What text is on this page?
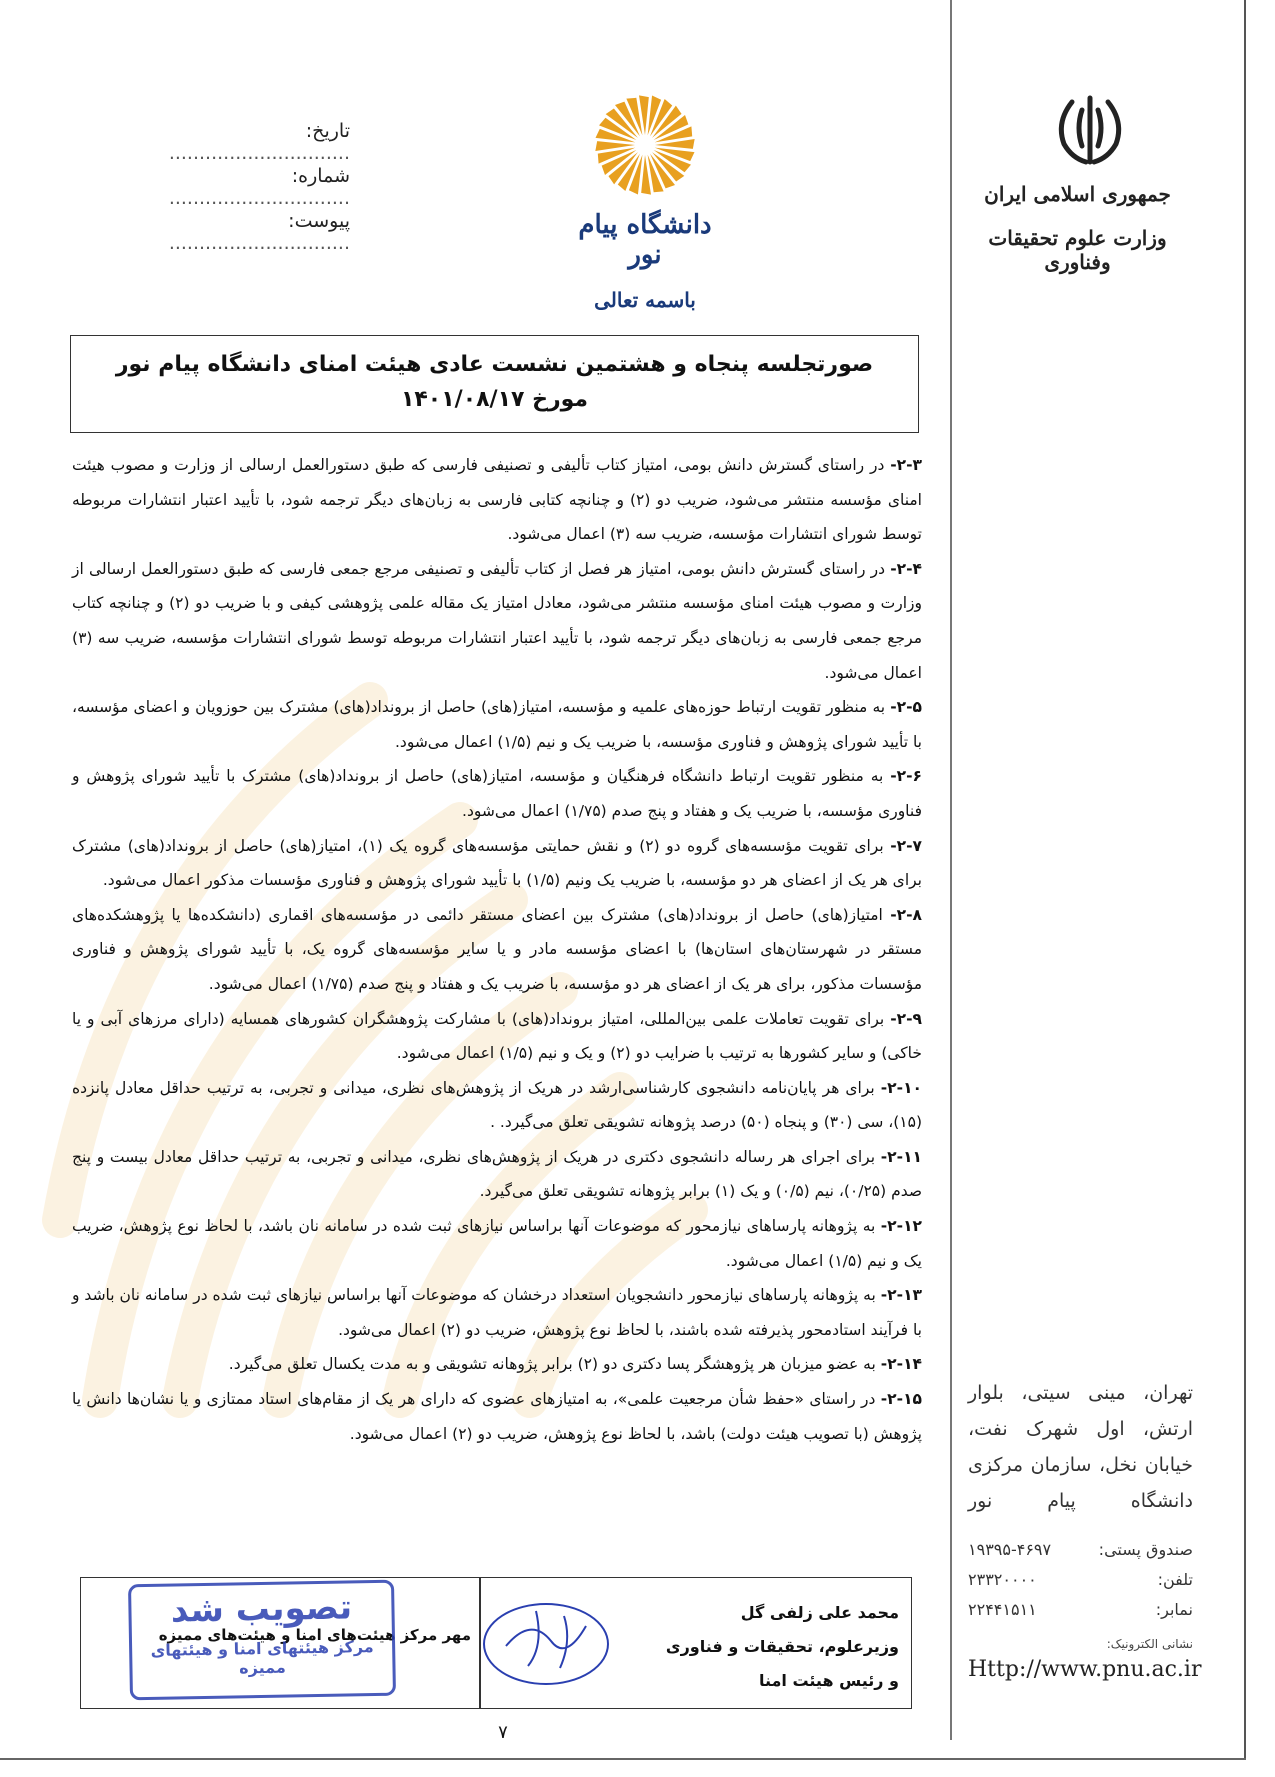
دانشگاه پیام نور
باسمه تعالی
تاریخ: ..............................
شماره: ..............................
پیوست: ..............................
جمهوری اسلامی ایران
وزارت علوم تحقیقات وفناوری
صورتجلسه پنجاه و هشتمین نشست عادی هیئت امنای دانشگاه پیام نور
مورخ ۱۴۰۱/۰۸/۱۷

۲-۳- در راستای گسترش دانش بومی، امتیاز کتاب تألیفی و تصنیفی فارسی که طبق دستورالعمل ارسالی از وزارت و مصوب هیئت امنای مؤسسه منتشر می‌شود، ضریب دو (۲) و چنانچه کتابی فارسی به زبان‌های دیگر ترجمه شود، با تأیید اعتبار انتشارات مربوطه توسط شورای انتشارات مؤسسه، ضریب سه (۳) اعمال می‌شود.

۲-۴- در راستای گسترش دانش بومی، امتیاز هر فصل از کتاب تألیفی و تصنیفی مرجع جمعی فارسی که طبق دستورالعمل ارسالی از وزارت و مصوب هیئت امنای مؤسسه منتشر می‌شود، معادل امتیاز یک مقاله علمی پژوهشی کیفی و با ضریب دو (۲) و چنانچه کتاب مرجع جمعی فارسی به زبان‌های دیگر ترجمه شود، با تأیید اعتبار انتشارات مربوطه توسط شورای انتشارات مؤسسه، ضریب سه (۳) اعمال می‌شود.

۲-۵- به منظور تقویت ارتباط حوزه‌های علمیه و مؤسسه، امتیاز(های) حاصل از برونداد(های) مشترک بین حوزویان و اعضای مؤسسه، با تأیید شورای پژوهش و فناوری مؤسسه، با ضریب یک و نیم (۱/۵) اعمال می‌شود.

۲-۶- به منظور تقویت ارتباط دانشگاه فرهنگیان و مؤسسه، امتیاز(های) حاصل از برونداد(های) مشترک با تأیید شورای پژوهش و فناوری مؤسسه، با ضریب یک و هفتاد و پنج صدم (۱/۷۵) اعمال می‌شود.

۲-۷- برای تقویت مؤسسه‌های گروه دو (۲) و نقش حمایتی مؤسسه‌های گروه یک (۱)، امتیاز(های) حاصل از برونداد(های) مشترک برای هر یک از اعضای هر دو مؤسسه، با ضریب یک ونیم (۱/۵) با تأیید شورای پژوهش و فناوری مؤسسات مذکور اعمال می‌شود.

۲-۸- امتیاز(های) حاصل از برونداد(های) مشترک بین اعضای مستقر دائمی در مؤسسه‌های اقماری (دانشکده‌ها یا پژوهشکده‌های مستقر در شهرستان‌های استان‌ها) با اعضای مؤسسه مادر و یا سایر مؤسسه‌های گروه یک، با تأیید شورای پژوهش و فناوری مؤسسات مذکور، برای هر یک از اعضای هر دو مؤسسه، با ضریب یک و هفتاد و پنج صدم (۱/۷۵) اعمال می‌شود.

۲-۹- برای تقویت تعاملات علمی بین‌المللی، امتیاز برونداد(های) با مشارکت پژوهشگران کشورهای همسایه (دارای مرزهای آبی و یا خاکی) و سایر کشورها به ترتیب با ضرایب دو (۲) و یک و نیم (۱/۵) اعمال می‌شود.

۲-۱۰- برای هر پایان‌نامه دانشجوی کارشناسی‌ارشد در هریک از پژوهش‌های نظری، میدانی و تجربی، به ترتیب حداقل معادل پانزده (۱۵)، سی (۳۰) و پنجاه (۵۰) درصد پژوهانه تشویقی تعلق می‌گیرد. .

۲-۱۱- برای اجرای هر رساله دانشجوی دکتری در هریک از پژوهش‌های نظری، میدانی و تجربی، به ترتیب حداقل معادل بیست و پنج صدم (۰/۲۵)، نیم (۰/۵) و یک (۱) برابر پژوهانه تشویقی تعلق می‌گیرد.

۲-۱۲- به پژوهانه پارساهای نیازمحور که موضوعات آنها براساس نیازهای ثبت شده در سامانه نان باشد، با لحاظ نوع پژوهش، ضریب یک و نیم (۱/۵) اعمال می‌شود.

۲-۱۳- به پژوهانه پارساهای نیازمحور دانشجویان استعداد درخشان که موضوعات آنها براساس نیازهای ثبت شده در سامانه نان باشد و با فرآیند استادمحور پذیرفته شده باشند، با لحاظ نوع پژوهش، ضریب دو (۲) اعمال می‌شود.

۲-۱۴- به عضو میزبان هر پژوهشگر پسا دکتری دو (۲) برابر پژوهانه تشویقی و به مدت یکسال تعلق می‌گیرد.

۲-۱۵- در راستای «حفظ شأن مرجعیت علمی»، به امتیازهای عضوی که دارای هر یک از مقام‌های استاد ممتازی و یا نشان‌ها دانش یا پژوهش (با تصویب هیئت دولت) باشد، با لحاظ نوع پژوهش، ضریب دو (۲) اعمال می‌شود.

محمد علی زلفی گل
وزیرعلوم، تحقیقات و فناوری
و رئیس هیئت امنا
مهر مرکز هیئت‌های امنا و هیئت‌های ممیزه
تصویب شد
مرکز هیئتهای امنا و هیئتهای ممیزه
۷
تهران، مینی سیتی، بلوار ارتش، اول شهرک نفت، خیابان نخل، سازمان مرکزی دانشگاه پیام نور
صندوق پستی:
۱۹۳۹۵-۴۶۹۷
تلفن:
۲۳۳۲۰۰۰۰
نمابر:
۲۲۴۴۱۵۱۱
نشانی الکترونیک:
Http://www.pnu.ac.ir
